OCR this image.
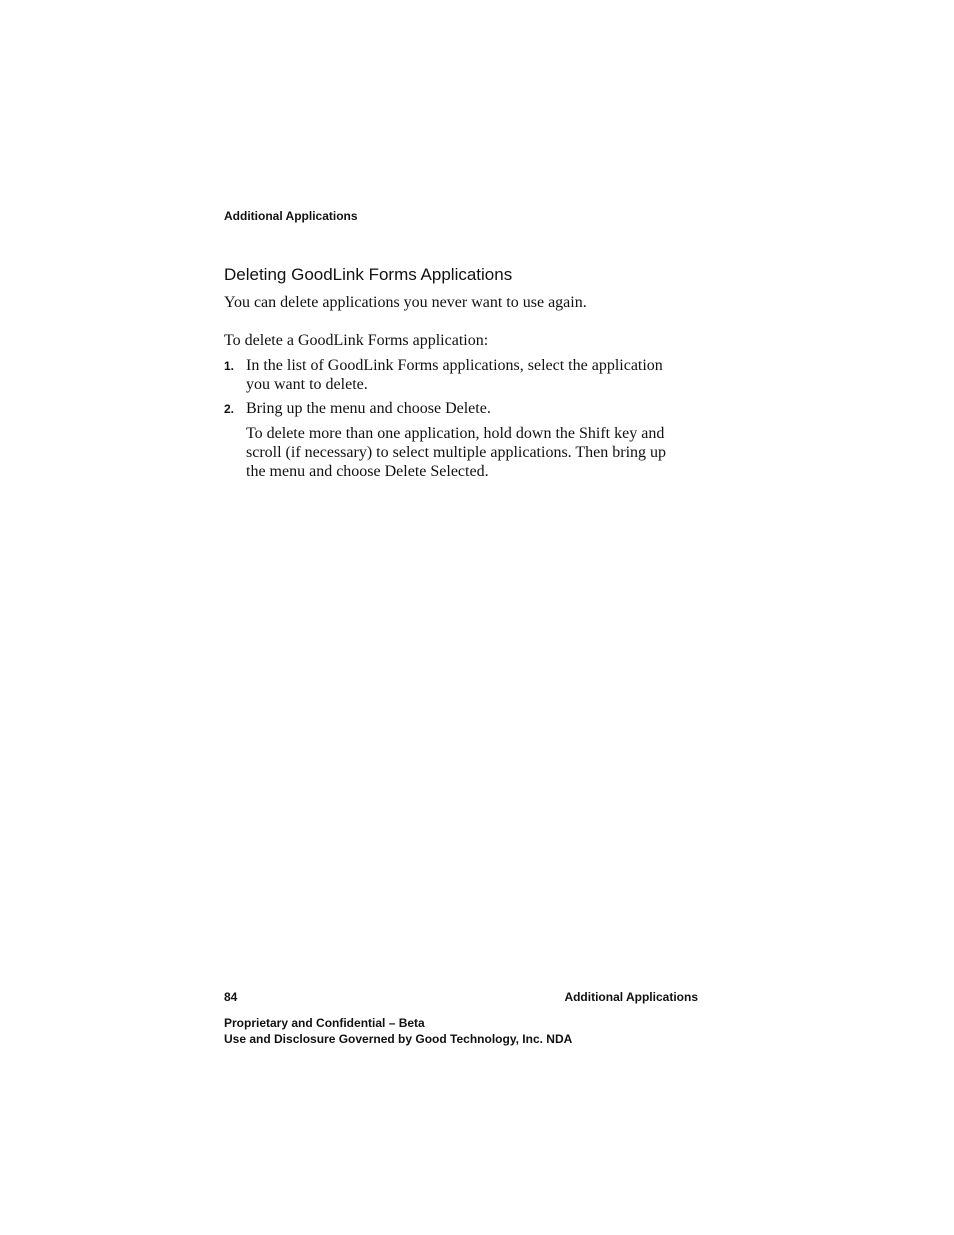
Additional Applications
Deleting GoodLink Forms Applications

You can delete applications you never want to use again.

To delete a GoodLink Forms application:

1. In the list of GoodLink Forms applications, select the application
you want to delete.
2. Bring up the menu and choose Delete.
To delete more than one application, hold down the Shift key and
scroll (if necessary) to select multiple applications. Then bring up
the menu and choose Delete Selected.
84	Additional Applications
Proprietary and Confidential – Beta
Use and Disclosure Governed by Good Technology, Inc. NDA
